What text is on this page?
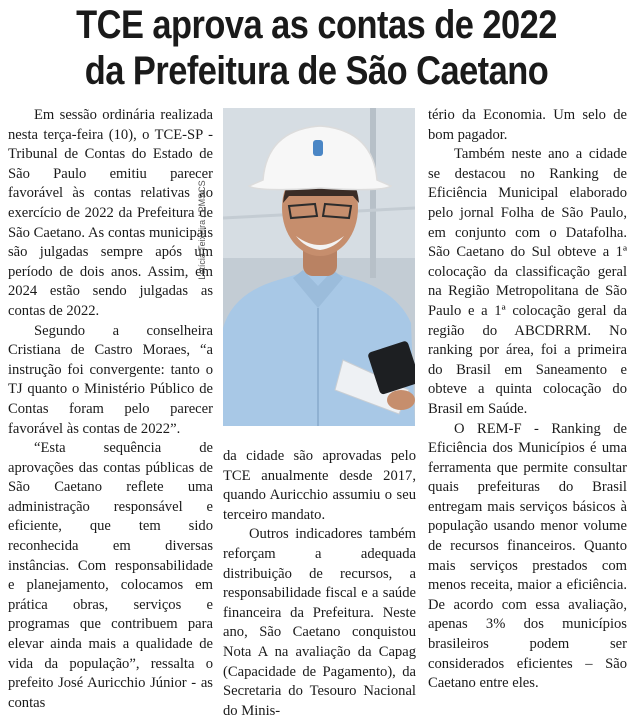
TCE aprova as contas de 2022
da Prefeitura de São Caetano

Em sessão ordinária realizada nesta terça-feira (10), o TCE-SP - Tribunal de Contas do Estado de São Paulo emitiu parecer favorável às contas relativas ao exercício de 2022 da Prefeitura de São Caetano. As contas municipais são julgadas sempre após um período de dois anos. Assim, em 2024 estão sendo julgadas as contas de 2022.

Segundo a conselheira Cristiana de Castro Moraes, “a instrução foi convergente: tanto o TJ quanto o Ministério Público de Contas foram pelo parecer favorável às contas de 2022”.

“Esta sequência de aprovações das contas públicas de São Caetano reflete uma administração responsável e eficiente, que tem sido reconhecida em diversas instâncias. Com responsabilidade e planejamento, colocamos em prática obras, serviços e programas que contribuem para elevar ainda mais a qualidade de vida da população”, ressalta o prefeito José Auricchio Júnior - as contas

Letícia Teixeira / PMSCS

da cidade são aprovadas pelo TCE anualmente desde 2017, quando Auricchio assumiu o seu terceiro mandato.

Outros indicadores também reforçam a adequada distribuição de recursos, a responsabilidade fiscal e a saúde financeira da Prefeitura. Neste ano, São Caetano conquistou Nota A na avaliação da Capag (Capacidade de Pagamento), da Secretaria do Tesouro Nacional do Minis-

tério da Economia. Um selo de bom pagador.

Também neste ano a cidade se destacou no Ranking de Eficiência Municipal elaborado pelo jornal Folha de São Paulo, em conjunto com o Datafolha. São Caetano do Sul obteve a 1ª colocação da classificação geral na Região Metropolitana de São Paulo e a 1ª colocação geral da região do ABCDRRM. No ranking por área, foi a primeira do Brasil em Saneamento e obteve a quinta colocação do Brasil em Saúde.

O REM-F - Ranking de Eficiência dos Municípios é uma ferramenta que permite consultar quais prefeituras do Brasil entregam mais serviços básicos à população usando menor volume de recursos financeiros. Quanto mais serviços prestados com menos receita, maior a eficiência. De acordo com essa avaliação, apenas 3% dos municípios brasileiros podem ser considerados eficientes – São Caetano entre eles.
